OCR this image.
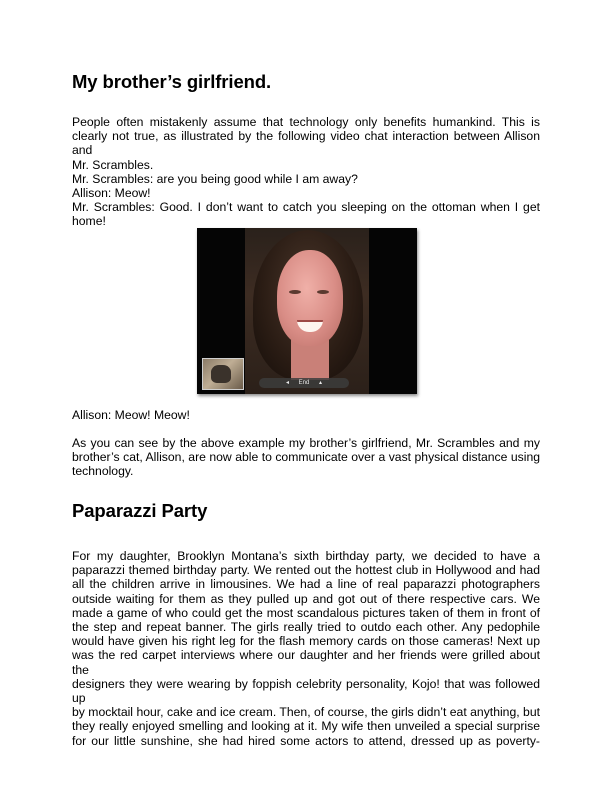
My brother’s girlfriend.

People often mistakenly assume that technology only benefits humankind. This is
clearly not true, as illustrated by the following video chat interaction between Allison and

Mr. Scrambles.

Mr. Scrambles: are you being good while I am away?

Allison: Meow!

Mr. Scrambles: Good. I don’t want to catch you sleeping on the ottoman when I get

home!

◂ End ▴

Allison: Meow! Meow!

As you can see by the above example my brother’s girlfriend, Mr. Scrambles and my
brother’s cat, Allison, are now able to communicate over a vast physical distance using

technology.

Paparazzi Party

For my daughter, Brooklyn Montana’s sixth birthday party, we decided to have a
paparazzi themed birthday party. We rented out the hottest club in Hollywood and had
all the children arrive in limousines. We had a line of real paparazzi photographers
outside waiting for them as they pulled up and got out of there respective cars. We
made a game of who could get the most scandalous pictures taken of them in front of
the step and repeat banner. The girls really tried to outdo each other. Any pedophile
would have given his right leg for the flash memory cards on those cameras! Next up
was the red carpet interviews where our daughter and her friends were grilled about the
designers they were wearing by foppish celebrity personality, Kojo! that was followed up
by mocktail hour, cake and ice cream. Then, of course, the girls didn’t eat anything, but
they really enjoyed smelling and looking at it. My wife then unveiled a special surprise
for our little sunshine, she had hired some actors to attend, dressed up as poverty-
